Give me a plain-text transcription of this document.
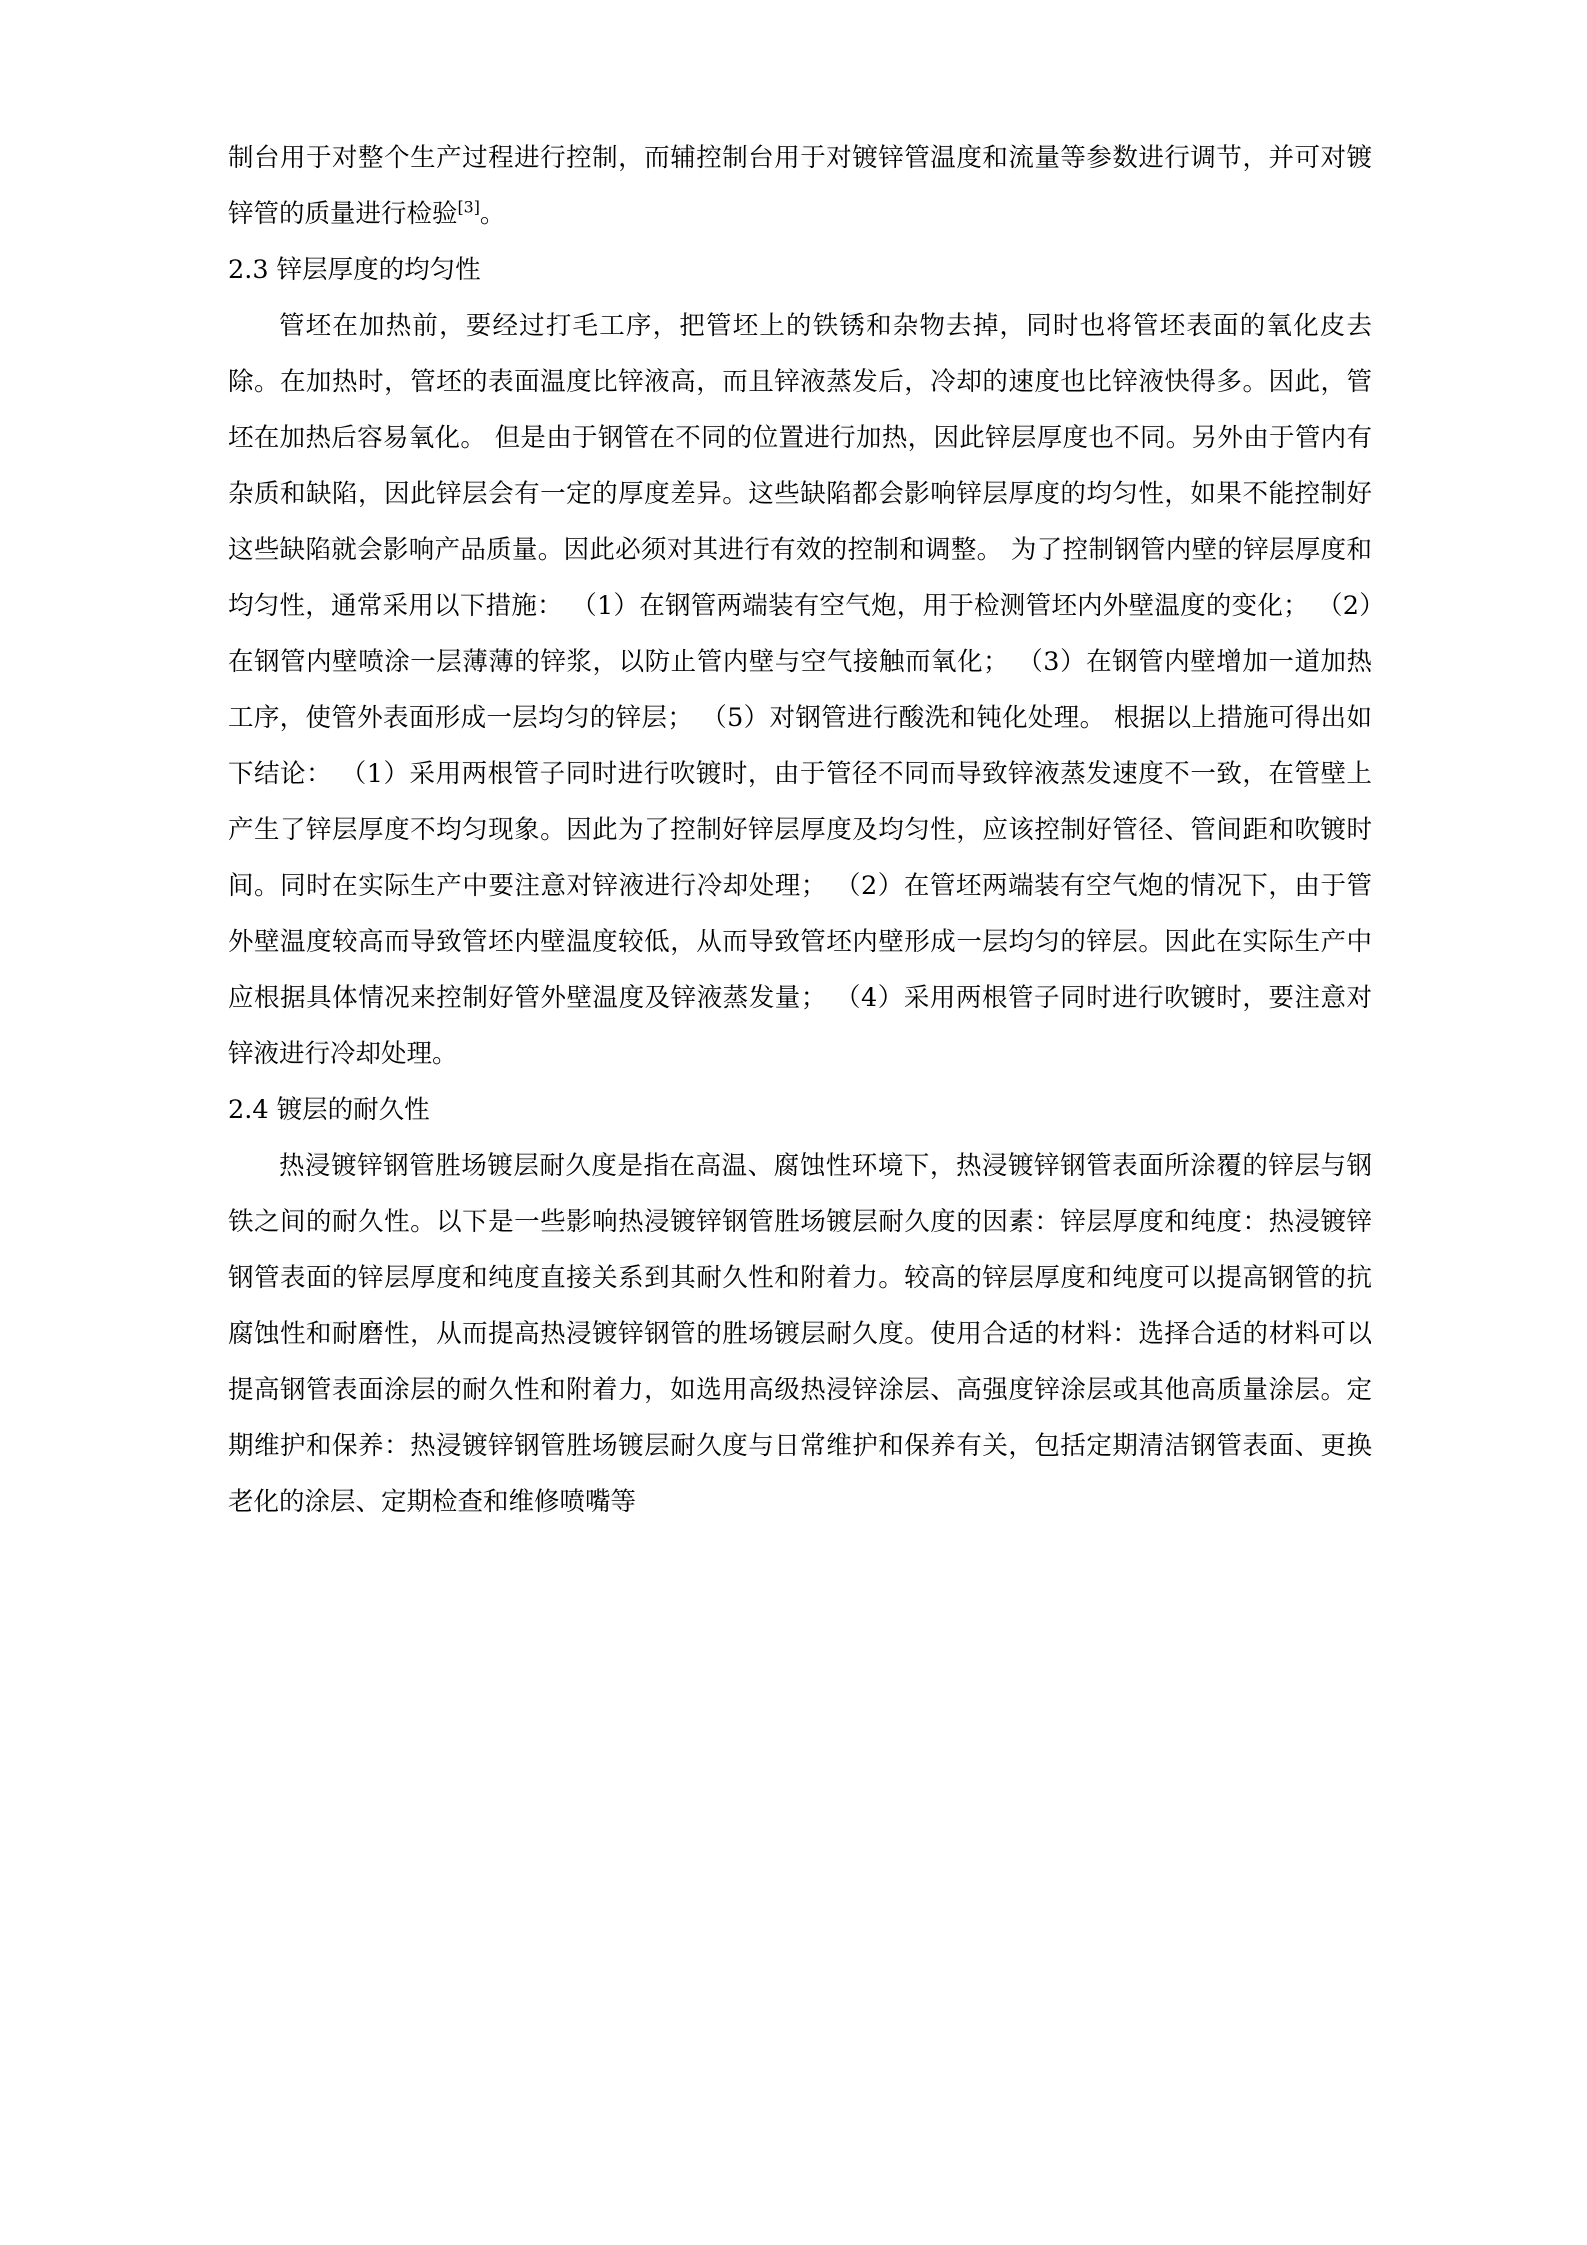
制台用于对整个生产过程进行控制，而辅控制台用于对镀锌管温度和流量等参数进行调节，并可对镀锌管的质量进行检验[3]。

2.3 锌层厚度的均匀性

管坯在加热前，要经过打毛工序，把管坯上的铁锈和杂物去掉，同时也将管坯表面的氧化皮去除。在加热时，管坯的表面温度比锌液高，而且锌液蒸发后，冷却的速度也比锌液快得多。因此，管坯在加热后容易氧化。 但是由于钢管在不同的位置进行加热，因此锌层厚度也不同。另外由于管内有杂质和缺陷，因此锌层会有一定的厚度差异。这些缺陷都会影响锌层厚度的均匀性，如果不能控制好这些缺陷就会影响产品质量。因此必须对其进行有效的控制和调整。 为了控制钢管内壁的锌层厚度和均匀性，通常采用以下措施： （1）在钢管两端装有空气炮，用于检测管坯内外壁温度的变化； （2）在钢管内壁喷涂一层薄薄的锌浆，以防止管内壁与空气接触而氧化； （3）在钢管内壁增加一道加热工序，使管外表面形成一层均匀的锌层； （5）对钢管进行酸洗和钝化处理。 根据以上措施可得出如下结论： （1）采用两根管子同时进行吹镀时，由于管径不同而导致锌液蒸发速度不一致，在管壁上产生了锌层厚度不均匀现象。因此为了控制好锌层厚度及均匀性，应该控制好管径、管间距和吹镀时间。同时在实际生产中要注意对锌液进行冷却处理； （2）在管坯两端装有空气炮的情况下，由于管外壁温度较高而导致管坯内壁温度较低，从而导致管坯内壁形成一层均匀的锌层。因此在实际生产中应根据具体情况来控制好管外壁温度及锌液蒸发量； （4）采用两根管子同时进行吹镀时，要注意对锌液进行冷却处理。

2.4 镀层的耐久性

热浸镀锌钢管胜场镀层耐久度是指在高温、腐蚀性环境下，热浸镀锌钢管表面所涂覆的锌层与钢铁之间的耐久性。以下是一些影响热浸镀锌钢管胜场镀层耐久度的因素：锌层厚度和纯度：热浸镀锌钢管表面的锌层厚度和纯度直接关系到其耐久性和附着力。较高的锌层厚度和纯度可以提高钢管的抗腐蚀性和耐磨性，从而提高热浸镀锌钢管的胜场镀层耐久度。使用合适的材料：选择合适的材料可以提高钢管表面涂层的耐久性和附着力，如选用高级热浸锌涂层、高强度锌涂层或其他高质量涂层。定期维护和保养：热浸镀锌钢管胜场镀层耐久度与日常维护和保养有关，包括定期清洁钢管表面、更换老化的涂层、定期检查和维修喷嘴等
